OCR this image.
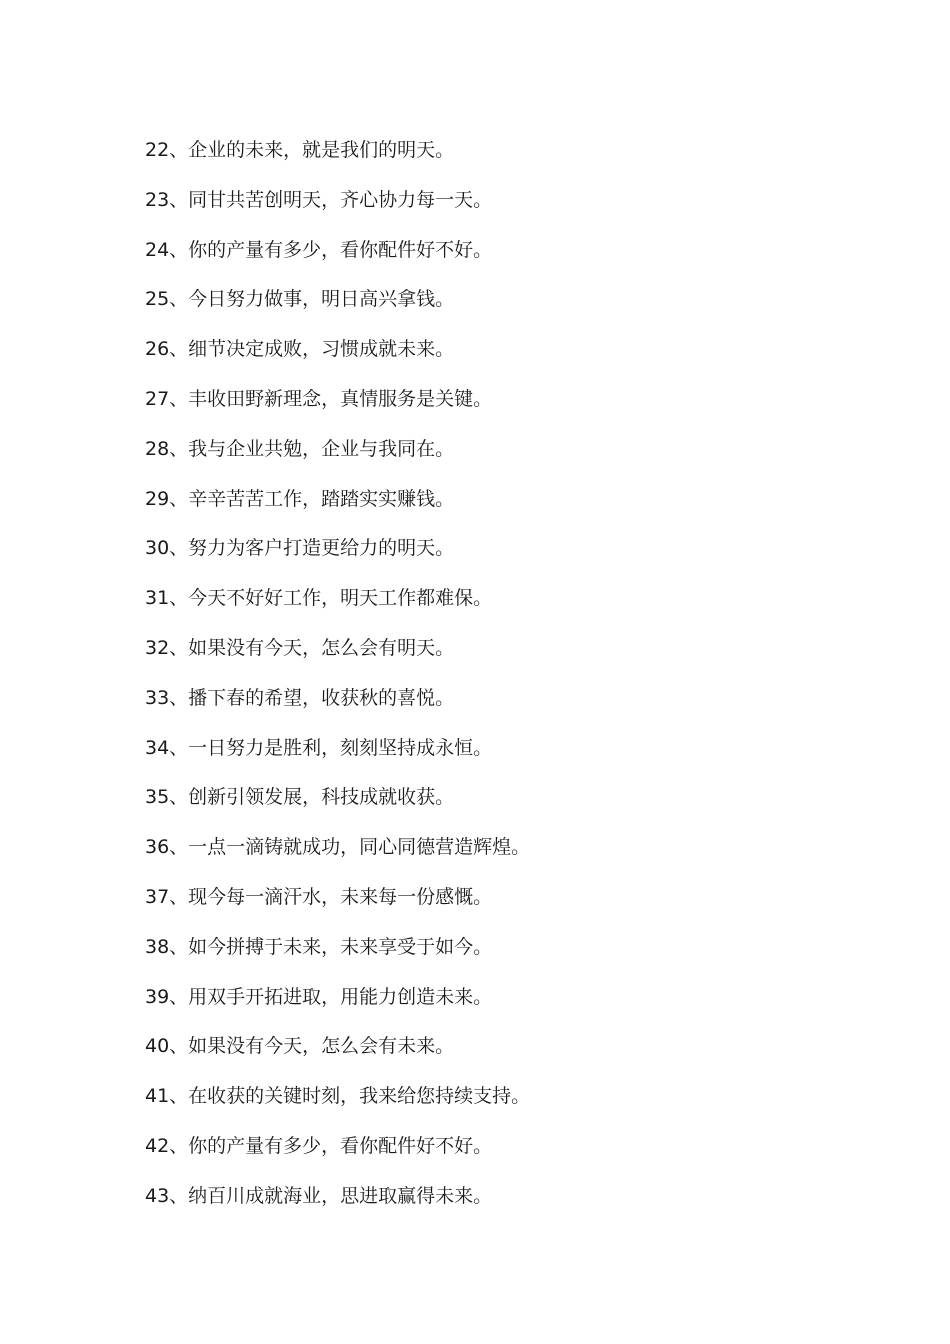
22、企业的未来，就是我们的明天。
23、同甘共苦创明天，齐心协力每一天。
24、你的产量有多少，看你配件好不好。
25、今日努力做事，明日高兴拿钱。
26、细节决定成败，习惯成就未来。
27、丰收田野新理念，真情服务是关键。
28、我与企业共勉，企业与我同在。
29、辛辛苦苦工作，踏踏实实赚钱。
30、努力为客户打造更给力的明天。
31、今天不好好工作，明天工作都难保。
32、如果没有今天，怎么会有明天。
33、播下春的希望，收获秋的喜悦。
34、一日努力是胜利，刻刻坚持成永恒。
35、创新引领发展，科技成就收获。
36、一点一滴铸就成功，同心同德营造辉煌。
37、现今每一滴汗水，未来每一份感慨。
38、如今拼搏于未来，未来享受于如今。
39、用双手开拓进取，用能力创造未来。
40、如果没有今天，怎么会有未来。
41、在收获的关键时刻，我来给您持续支持。
42、你的产量有多少，看你配件好不好。
43、纳百川成就海业，思进取赢得未来。
